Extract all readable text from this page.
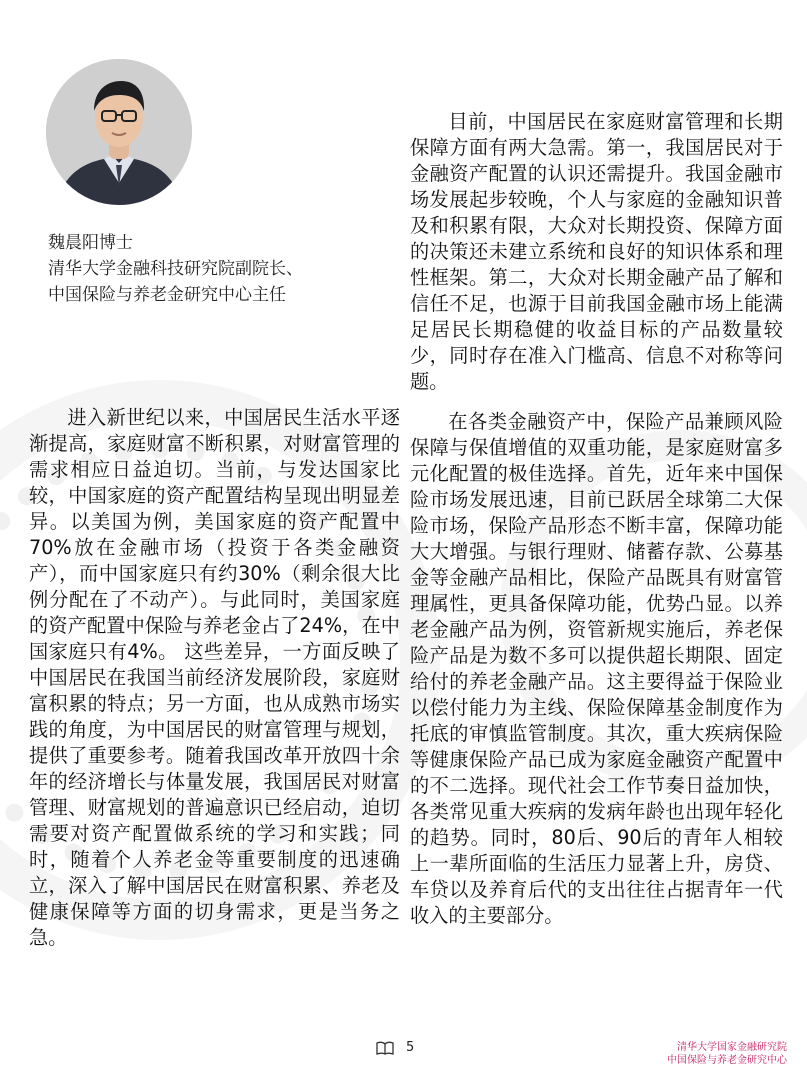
魏晨阳博士
清华大学金融科技研究院副院长、
中国保险与养老金研究中心主任

进入新世纪以来，中国居民生活水平逐渐提高，家庭财富不断积累，对财富管理的需求相应日益迫切。当前，与发达国家比较，中国家庭的资产配置结构呈现出明显差异。以美国为例，美国家庭的资产配置中70%放在金融市场（投资于各类金融资产），而中国家庭只有约30%（剩余很大比例分配在了不动产）。与此同时，美国家庭的资产配置中保险与养老金占了24%，在中国家庭只有4%。 这些差异，一方面反映了中国居民在我国当前经济发展阶段，家庭财富积累的特点；另一方面，也从成熟市场实践的角度，为中国居民的财富管理与规划，提供了重要参考。随着我国改革开放四十余年的经济增长与体量发展，我国居民对财富管理、财富规划的普遍意识已经启动，迫切需要对资产配置做系统的学习和实践；同时，随着个人养老金等重要制度的迅速确立，深入了解中国居民在财富积累、养老及健康保障等方面的切身需求，更是当务之急。

目前，中国居民在家庭财富管理和长期保障方面有两大急需。第一，我国居民对于金融资产配置的认识还需提升。我国金融市场发展起步较晚，个人与家庭的金融知识普及和积累有限，大众对长期投资、保障方面的决策还未建立系统和良好的知识体系和理性框架。第二，大众对长期金融产品了解和信任不足，也源于目前我国金融市场上能满足居民长期稳健的收益目标的产品数量较少，同时存在准入门槛高、信息不对称等问题。

在各类金融资产中，保险产品兼顾风险保障与保值增值的双重功能，是家庭财富多元化配置的极佳选择。首先，近年来中国保险市场发展迅速，目前已跃居全球第二大保险市场，保险产品形态不断丰富，保障功能大大增强。与银行理财、储蓄存款、公募基金等金融产品相比，保险产品既具有财富管理属性，更具备保障功能，优势凸显。以养老金融产品为例，资管新规实施后，养老保险产品是为数不多可以提供超长期限、固定给付的养老金融产品。这主要得益于保险业以偿付能力为主线、保险保障基金制度作为托底的审慎监管制度。其次，重大疾病保险等健康保险产品已成为家庭金融资产配置中的不二选择。现代社会工作节奏日益加快，各类常见重大疾病的发病年龄也出现年轻化的趋势。同时，80后、90后的青年人相较上一辈所面临的生活压力显著上升，房贷、车贷以及养育后代的支出往往占据青年一代收入的主要部分。

5	清华大学国家金融研究院
中国保险与养老金研究中心
